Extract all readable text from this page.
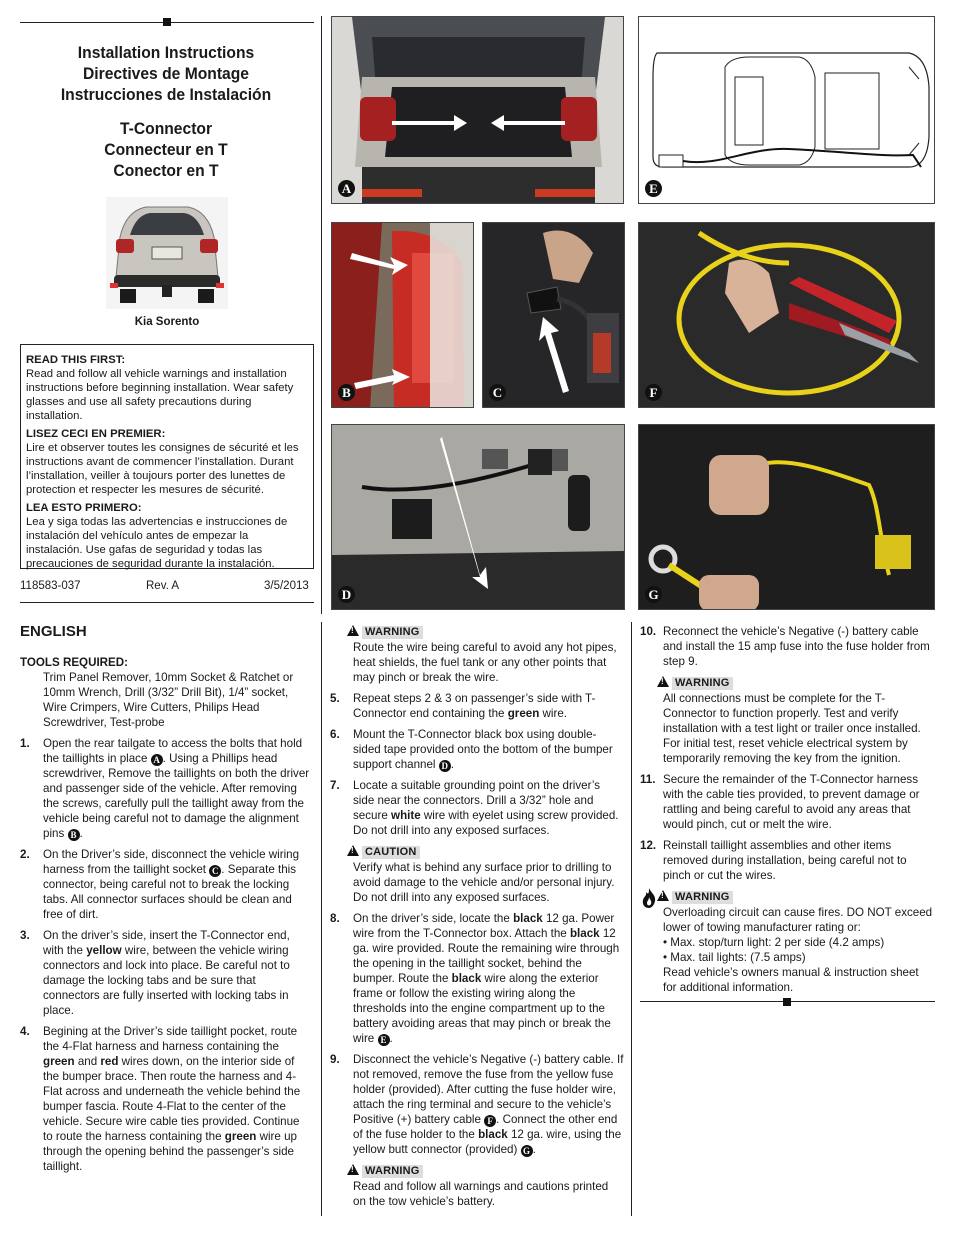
Installation Instructions
Directives de Montage
Instrucciones de Instalación
T-Connector
Connecteur en T
Conector en T
Kia Sorento
READ THIS FIRST:

Read and follow all vehicle warnings and installation instructions before beginning installation. Wear safety glasses and use all safety precautions during installation.

LISEZ CECI EN PREMIER:

Lire et observer toutes les consignes de sécurité et les instructions avant de commencer l’installation. Durant l’installation, veiller à toujours porter des lunettes de protection et respecter les mesures de sécurité.

LEA ESTO PRIMERO:

Lea y siga todas las advertencias e instrucciones de instalación del vehículo antes de empezar la instalación. Use gafas de seguridad y todas las precauciones de seguridad durante la instalación.

118583-037	Rev. A	3/5/2013
A	E
B	C	F
D	G
ENGLISH
TOOLS REQUIRED:
Trim Panel Remover, 10mm Socket & Ratchet or 10mm Wrench, Drill (3/32” Drill Bit), 1/4” socket, Wire Crimpers, Wire Cutters, Philips Head Screwdriver, Test-probe
1. Open the rear tailgate to access the bolts that hold the taillights in place A . Using a Phillips head screwdriver, Remove the taillights on both the driver and passenger side of the vehicle. After removing the screws, carefully pull the taillight away from the vehicle being careful not to damage the alignment pins B .
2. On the Driver’s side, disconnect the vehicle wiring harness from the taillight socket C . Separate this connector, being careful not to break the locking tabs. All connector surfaces should be clean and free of dirt.
3. On the driver’s side, insert the T-Connector end, with the yellow wire, between the vehicle wiring connectors and lock into place. Be careful not to damage the locking tabs and be sure that connectors are fully inserted with locking tabs in place.
4. Begining at the Driver’s side taillight pocket, route the 4-Flat harness and harness containing the green and red wires down, on the interior side of the bumper brace. Then route the harness and 4-Flat across and underneath the vehicle behind the bumper fascia. Route 4-Flat to the center of the vehicle. Secure wire cable ties provided. Continue to route the harness containing the green wire up through the opening behind the passenger’s side taillight.
!WARNING
Route the wire being careful to avoid any hot pipes, heat shields, the fuel tank or any other points that may pinch or break the wire.
5. Repeat steps 2 & 3 on passenger’s side with T-Connector end containing the green wire.
6. Mount the T-Connector black box using double-sided tape provided onto the bottom of the bumper support channel D .
7. Locate a suitable grounding point on the driver’s side near the connectors. Drill a 3/32” hole and secure white wire with eyelet using screw provided. Do not drill into any exposed surfaces.
!CAUTION
Verify what is behind any surface prior to drilling to avoid damage to the vehicle and/or personal injury. Do not drill into any exposed surfaces.
8. On the driver’s side, locate the black 12 ga. Power wire from the T-Connector box. Attach the black 12 ga. wire provided. Route the remaining wire through the opening in the taillight socket, behind the bumper. Route the black wire along the exterior frame or follow the existing wiring along the thresholds into the engine compartment up to the battery avoiding areas that may pinch or break the wire E .
9. Disconnect the vehicle’s Negative (-) battery cable. If not removed, remove the fuse from the yellow fuse holder (provided). After cutting the fuse holder wire, attach the ring terminal and secure to the vehicle’s Positive (+) battery cable F . Connect the other end of the fuse holder to the black 12 ga. wire, using the yellow butt connector (provided) G .
!WARNING
Read and follow all warnings and cautions printed on the tow vehicle’s battery.
10. Reconnect the vehicle’s Negative (-) battery cable and install the 15 amp fuse into the fuse holder from step 9.
!WARNING
All connections must be complete for the T-Connector to function properly. Test and verify installation with a test light or trailer once installed. For initial test, reset vehicle electrical system by temporarily removing the key from the ignition.
11. Secure the remainder of the T-Connector harness with the cable ties provided, to prevent damage or rattling and being careful to avoid any areas that would pinch, cut or melt the wire.
12. Reinstall taillight assemblies and other items removed during installation, being careful not to pinch or cut the wires.
!WARNING
Overloading circuit can cause fires. DO NOT exceed lower of towing manufacturer rating or:
• Max. stop/turn light: 2 per side (4.2 amps)
• Max. tail lights: (7.5 amps)
Read vehicle’s owners manual & instruction sheet for additional information.
